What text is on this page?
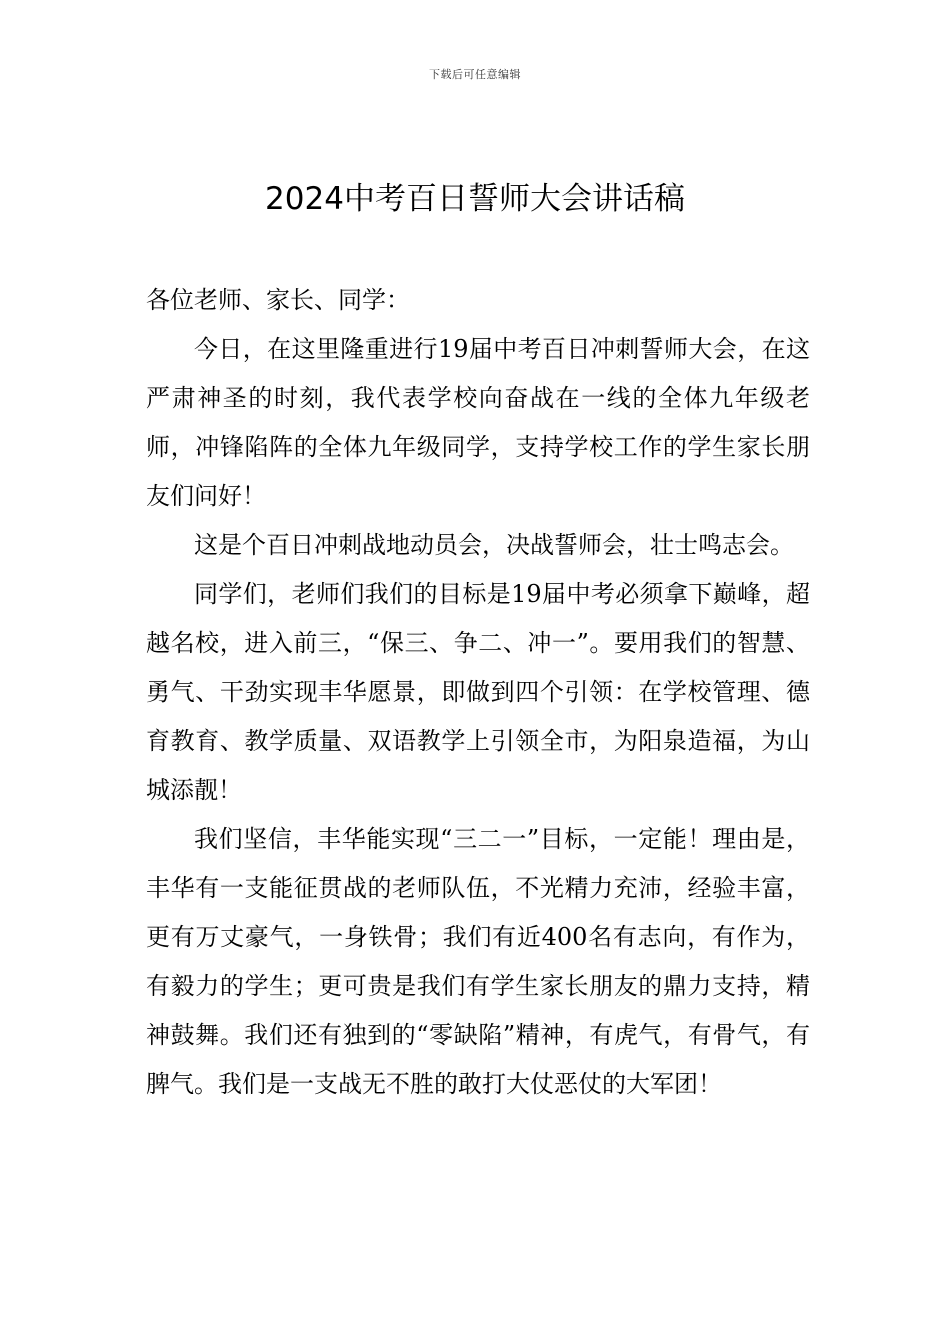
下载后可任意编辑
2024中考百日誓师大会讲话稿

各位老师、家长、同学：

今日，在这里隆重进行19届中考百日冲刺誓师大会，在这严肃神圣的时刻，我代表学校向奋战在一线的全体九年级老师，冲锋陷阵的全体九年级同学，支持学校工作的学生家长朋友们问好！

这是个百日冲刺战地动员会，决战誓师会，壮士鸣志会。

同学们，老师们我们的目标是19届中考必须拿下巅峰，超越名校，进入前三，“保三、争二、冲一”。要用我们的智慧、勇气、干劲实现丰华愿景，即做到四个引领：在学校管理、德育教育、教学质量、双语教学上引领全市，为阳泉造福，为山城添靓！

我们坚信，丰华能实现“三二一”目标，一定能！理由是，丰华有一支能征贯战的老师队伍，不光精力充沛，经验丰富，更有万丈豪气，一身铁骨；我们有近400名有志向，有作为，有毅力的学生；更可贵是我们有学生家长朋友的鼎力支持，精神鼓舞。我们还有独到的“零缺陷”精神，有虎气，有骨气，有脾气。我们是一支战无不胜的敢打大仗恶仗的大军团！
